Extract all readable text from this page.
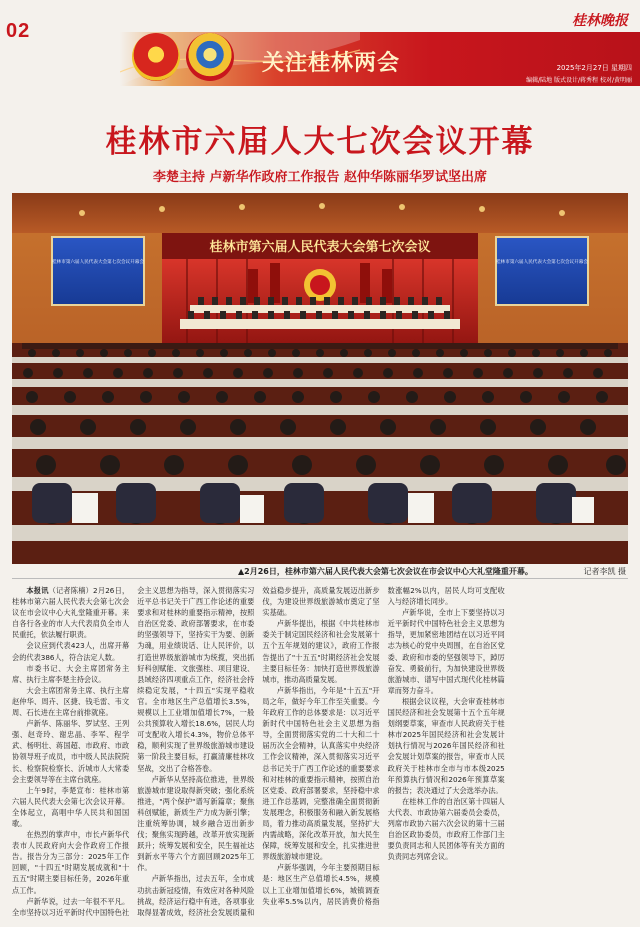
02
关注桂林两会
桂林晚报
2025年2月27日 星期四
编辑/陆地 版式设计/蒋秀程 校对/黄明丽
桂林市六届人大七次会议开幕
李楚主持 卢新华作政府工作报告 赵仲华陈丽华罗试坚出席
桂林市第六届人民代表大会第七次会议
桂林市第六届人民代表大会第七次会议开幕会	桂林市第六届人民代表大会第七次会议开幕会
▲2月26日，桂林市第六届人民代表大会第七次会议在市会议中心大礼堂隆重开幕。	记者李凯 摄

本报讯（记者陈楠）2月26日，桂林市第六届人民代表大会第七次会议在市会议中心大礼堂隆重开幕。来自各行各业的市人大代表肩负全市人民重托，依法履行职责。

会议应到代表423人，出席开幕会的代表386人，符合法定人数。

市委书记、大会主席团常务主席、执行主席李楚主持会议。

大会主席团常务主席、执行主席赵仲华、周卉、区捷、钱毛雷、韦文周、石长进在主席台前排就座。

卢新华、陈丽华、罗试坚、王列强、赵奇玲、谢忠晶、李军、程学武、杨明壮、蒋国超、市政府、市政协领导班子成员，市中级人民法院院长、检察院检察长、沂城市人大常委会主要领导等在主席台就座。

上午9时，李楚宣布：桂林市第六届人民代表大会第七次会议开幕。全体起立，高唱中华人民共和国国歌。

在热烈的掌声中，市长卢新华代表市人民政府向大会作政府工作报告。报告分为三部分：2025年工作回顾，"十四五"时期发展成就和"十五五"时期主要目标任务，2026年重点工作。

卢新华说，过去一年很不平凡。全市坚持以习近平新时代中国特色社会主义思想为指导，深入贯彻落实习近平总书记关于广西工作论述的重要要求和对桂林的重要指示精神，按照自治区党委、政府部署要求，在市委的坚强领导下，坚持实干为要、创新为魂，用业绩说话、让人民评价，以打造世界级旅游城市为统揽，突出抓好科创赋能、文旅强桂、项目建设、县域经济四项重点工作，经济社会持续稳定发展，"十四五"实现平稳收官。全市地区生产总值增长3.5%，规模以上工业增加值增长7%，一般公共预算收入增长18.6%，居民人均可支配收入增长4.3%，物价总体平稳，顺利实现了世界级旅游城市建设第一阶段主要目标，打赢清廉桂林攻坚战，交出了合格答卷。

卢新华从坚持高位推进，世界级旅游城市建设取得新突破；强化系统推进，"两个保护"谱写新篇章；聚焦科创赋能，新质生产力成为新引擎；注重统筹协调，城乡融合迈出新步伐；聚焦实现跨越，改革开放实现新跃升；统筹发展和安全，民生福祉达到新水平等六个方面回顾2025年工作。

卢新华指出，过去五年，全市成功抗击新冠疫情，有效应对各种风险挑战，经济运行稳中有进，各项事业取得显著成效，经济社会发展质量和效益稳步提升，高质量发展迈出新步伐，为建设世界级旅游城市奠定了坚实基础。

卢新华提出，根据《中共桂林市委关于制定国民经济和社会发展第十五个五年规划的建议》，政府工作报告提出了"十五五"时期经济社会发展主要目标任务：加快打造世界级旅游城市，推动高质量发展。

卢新华指出，今年是"十五五"开局之年，做好今年工作至关重要。今年政府工作的总体要求是：以习近平新时代中国特色社会主义思想为指导，全面贯彻落实党的二十大和二十届历次全会精神，认真落实中央经济工作会议精神，深入贯彻落实习近平总书记关于广西工作论述的重要要求和对桂林的重要指示精神，按照自治区党委、政府部署要求，坚持稳中求进工作总基调，完整准确全面贯彻新发展理念，积极服务和融入新发展格局，着力推动高质量发展，坚持扩大内需战略，深化改革开放，加大民生保障，统筹发展和安全，扎实推进世界级旅游城市建设。

卢新华强调，今年主要预期目标是：地区生产总值增长4.5%，规模以上工业增加值增长6%，城镇调查失业率5.5%以内，居民消费价格指数涨幅2%以内，居民人均可支配收入与经济增长同步。

卢新华说，全市上下要坚持以习近平新时代中国特色社会主义思想为指导，更加紧密地团结在以习近平同志为核心的党中央周围，在自治区党委、政府和市委的坚强领导下，踔厉奋发、勇毅前行，为加快建设世界级旅游城市、谱写中国式现代化桂林篇章而努力奋斗。

根据会议议程，大会审查桂林市国民经济和社会发展第十五个五年规划纲要草案，审查市人民政府关于桂林市2025年国民经济和社会发展计划执行情况与2026年国民经济和社会发展计划草案的报告，审查市人民政府关于桂林市全市与市本级2025年预算执行情况和2026年预算草案的报告；表决通过了大会选举办法。

在桂林工作的自治区第十四届人大代表、市政协第六届委员会委员，列席市政协六届六次会议的第十三届自治区政协委员，市政府工作部门主要负责同志和人民团体等有关方面的负责同志列席会议。
